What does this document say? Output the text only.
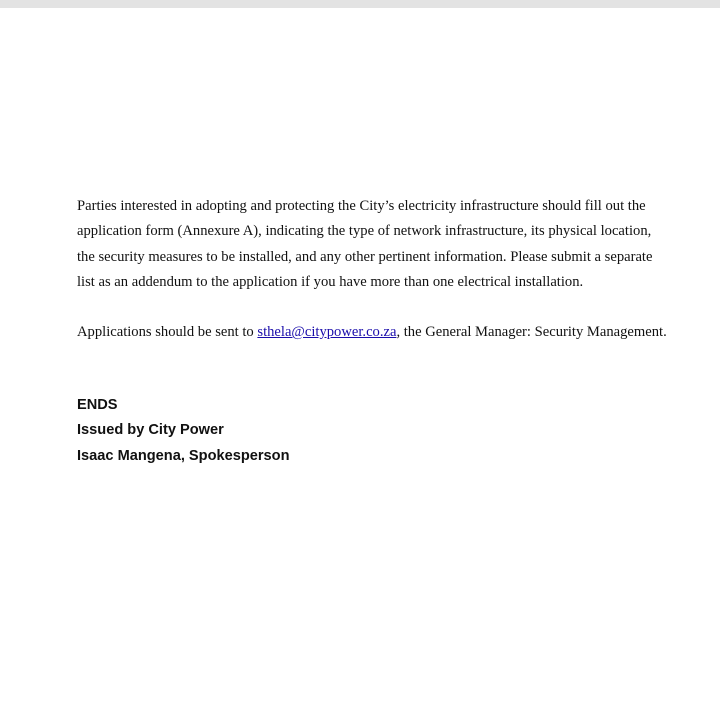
Parties interested in adopting and protecting the City’s electricity infrastructure should fill out the application form (Annexure A), indicating the type of network infrastructure, its physical location, the security measures to be installed, and any other pertinent information. Please submit a separate list as an addendum to the application if you have more than one electrical installation.

Applications should be sent to sthela@citypower.co.za, the General Manager: Security Management.

ENDS
Issued by City Power
Isaac Mangena, Spokesperson
